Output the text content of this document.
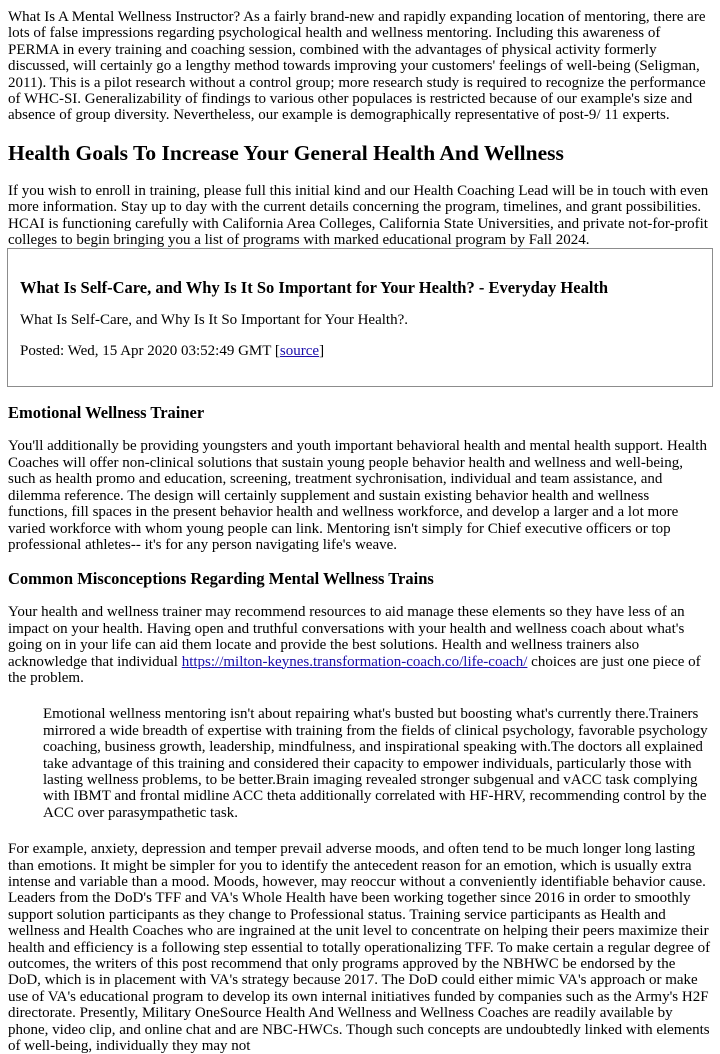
What Is A Mental Wellness Instructor? As a fairly brand-new and rapidly expanding location of mentoring, there are lots of false impressions regarding psychological health and wellness mentoring. Including this awareness of PERMA in every training and coaching session, combined with the advantages of physical activity formerly discussed, will certainly go a lengthy method towards improving your customers' feelings of well-being (Seligman, 2011). This is a pilot research without a control group; more research study is required to recognize the performance of WHC-SI. Generalizability of findings to various other populaces is restricted because of our example's size and absence of group diversity. Nevertheless, our example is demographically representative of post-9/ 11 experts.

Health Goals To Increase Your General Health And Wellness

If you wish to enroll in training, please full this initial kind and our Health Coaching Lead will be in touch with even more information. Stay up to day with the current details concerning the program, timelines, and grant possibilities. HCAI is functioning carefully with California Area Colleges, California State Universities, and private not-for-profit colleges to begin bringing you a list of programs with marked educational program by Fall 2024.

What Is Self-Care, and Why Is It So Important for Your Health? - Everyday Health

What Is Self-Care, and Why Is It So Important for Your Health?.

Posted: Wed, 15 Apr 2020 03:52:49 GMT [source]

Emotional Wellness Trainer

You'll additionally be providing youngsters and youth important behavioral health and mental health support. Health Coaches will offer non-clinical solutions that sustain young people behavior health and wellness and well-being, such as health promo and education, screening, treatment sychronisation, individual and team assistance, and dilemma reference. The design will certainly supplement and sustain existing behavior health and wellness functions, fill spaces in the present behavior health and wellness workforce, and develop a larger and a lot more varied workforce with whom young people can link. Mentoring isn't simply for Chief executive officers or top professional athletes-- it's for any person navigating life's weave.

Common Misconceptions Regarding Mental Wellness Trains

Your health and wellness trainer may recommend resources to aid manage these elements so they have less of an impact on your health. Having open and truthful conversations with your health and wellness coach about what's going on in your life can aid them locate and provide the best solutions. Health and wellness trainers also acknowledge that individual https://milton-keynes.transformation-coach.co/life-coach/ choices are just one piece of the problem.

Emotional wellness mentoring isn't about repairing what's busted but boosting what's currently there.Trainers mirrored a wide breadth of expertise with training from the fields of clinical psychology, favorable psychology coaching, business growth, leadership, mindfulness, and inspirational speaking with.The doctors all explained take advantage of this training and considered their capacity to empower individuals, particularly those with lasting wellness problems, to be better.Brain imaging revealed stronger subgenual and vACC task complying with IBMT and frontal midline ACC theta additionally correlated with HF-HRV, recommending control by the ACC over parasympathetic task.

For example, anxiety, depression and temper prevail adverse moods, and often tend to be much longer long lasting than emotions. It might be simpler for you to identify the antecedent reason for an emotion, which is usually extra intense and variable than a mood. Moods, however, may reoccur without a conveniently identifiable behavior cause. Leaders from the DoD's TFF and VA's Whole Health have been working together since 2016 in order to smoothly support solution participants as they change to Professional status. Training service participants as Health and wellness and Health Coaches who are ingrained at the unit level to concentrate on helping their peers maximize their health and efficiency is a following step essential to totally operationalizing TFF. To make certain a regular degree of outcomes, the writers of this post recommend that only programs approved by the NBHWC be endorsed by the DoD, which is in placement with VA's strategy because 2017. The DoD could either mimic VA's approach or make use of VA's educational program to develop its own internal initiatives funded by companies such as the Army's H2F directorate. Presently, Military OneSource Health And Wellness and Wellness Coaches are readily available by phone, video clip, and online chat and are NBC-HWCs. Though such concepts are undoubtedly linked with elements of well-being, individually they may not
